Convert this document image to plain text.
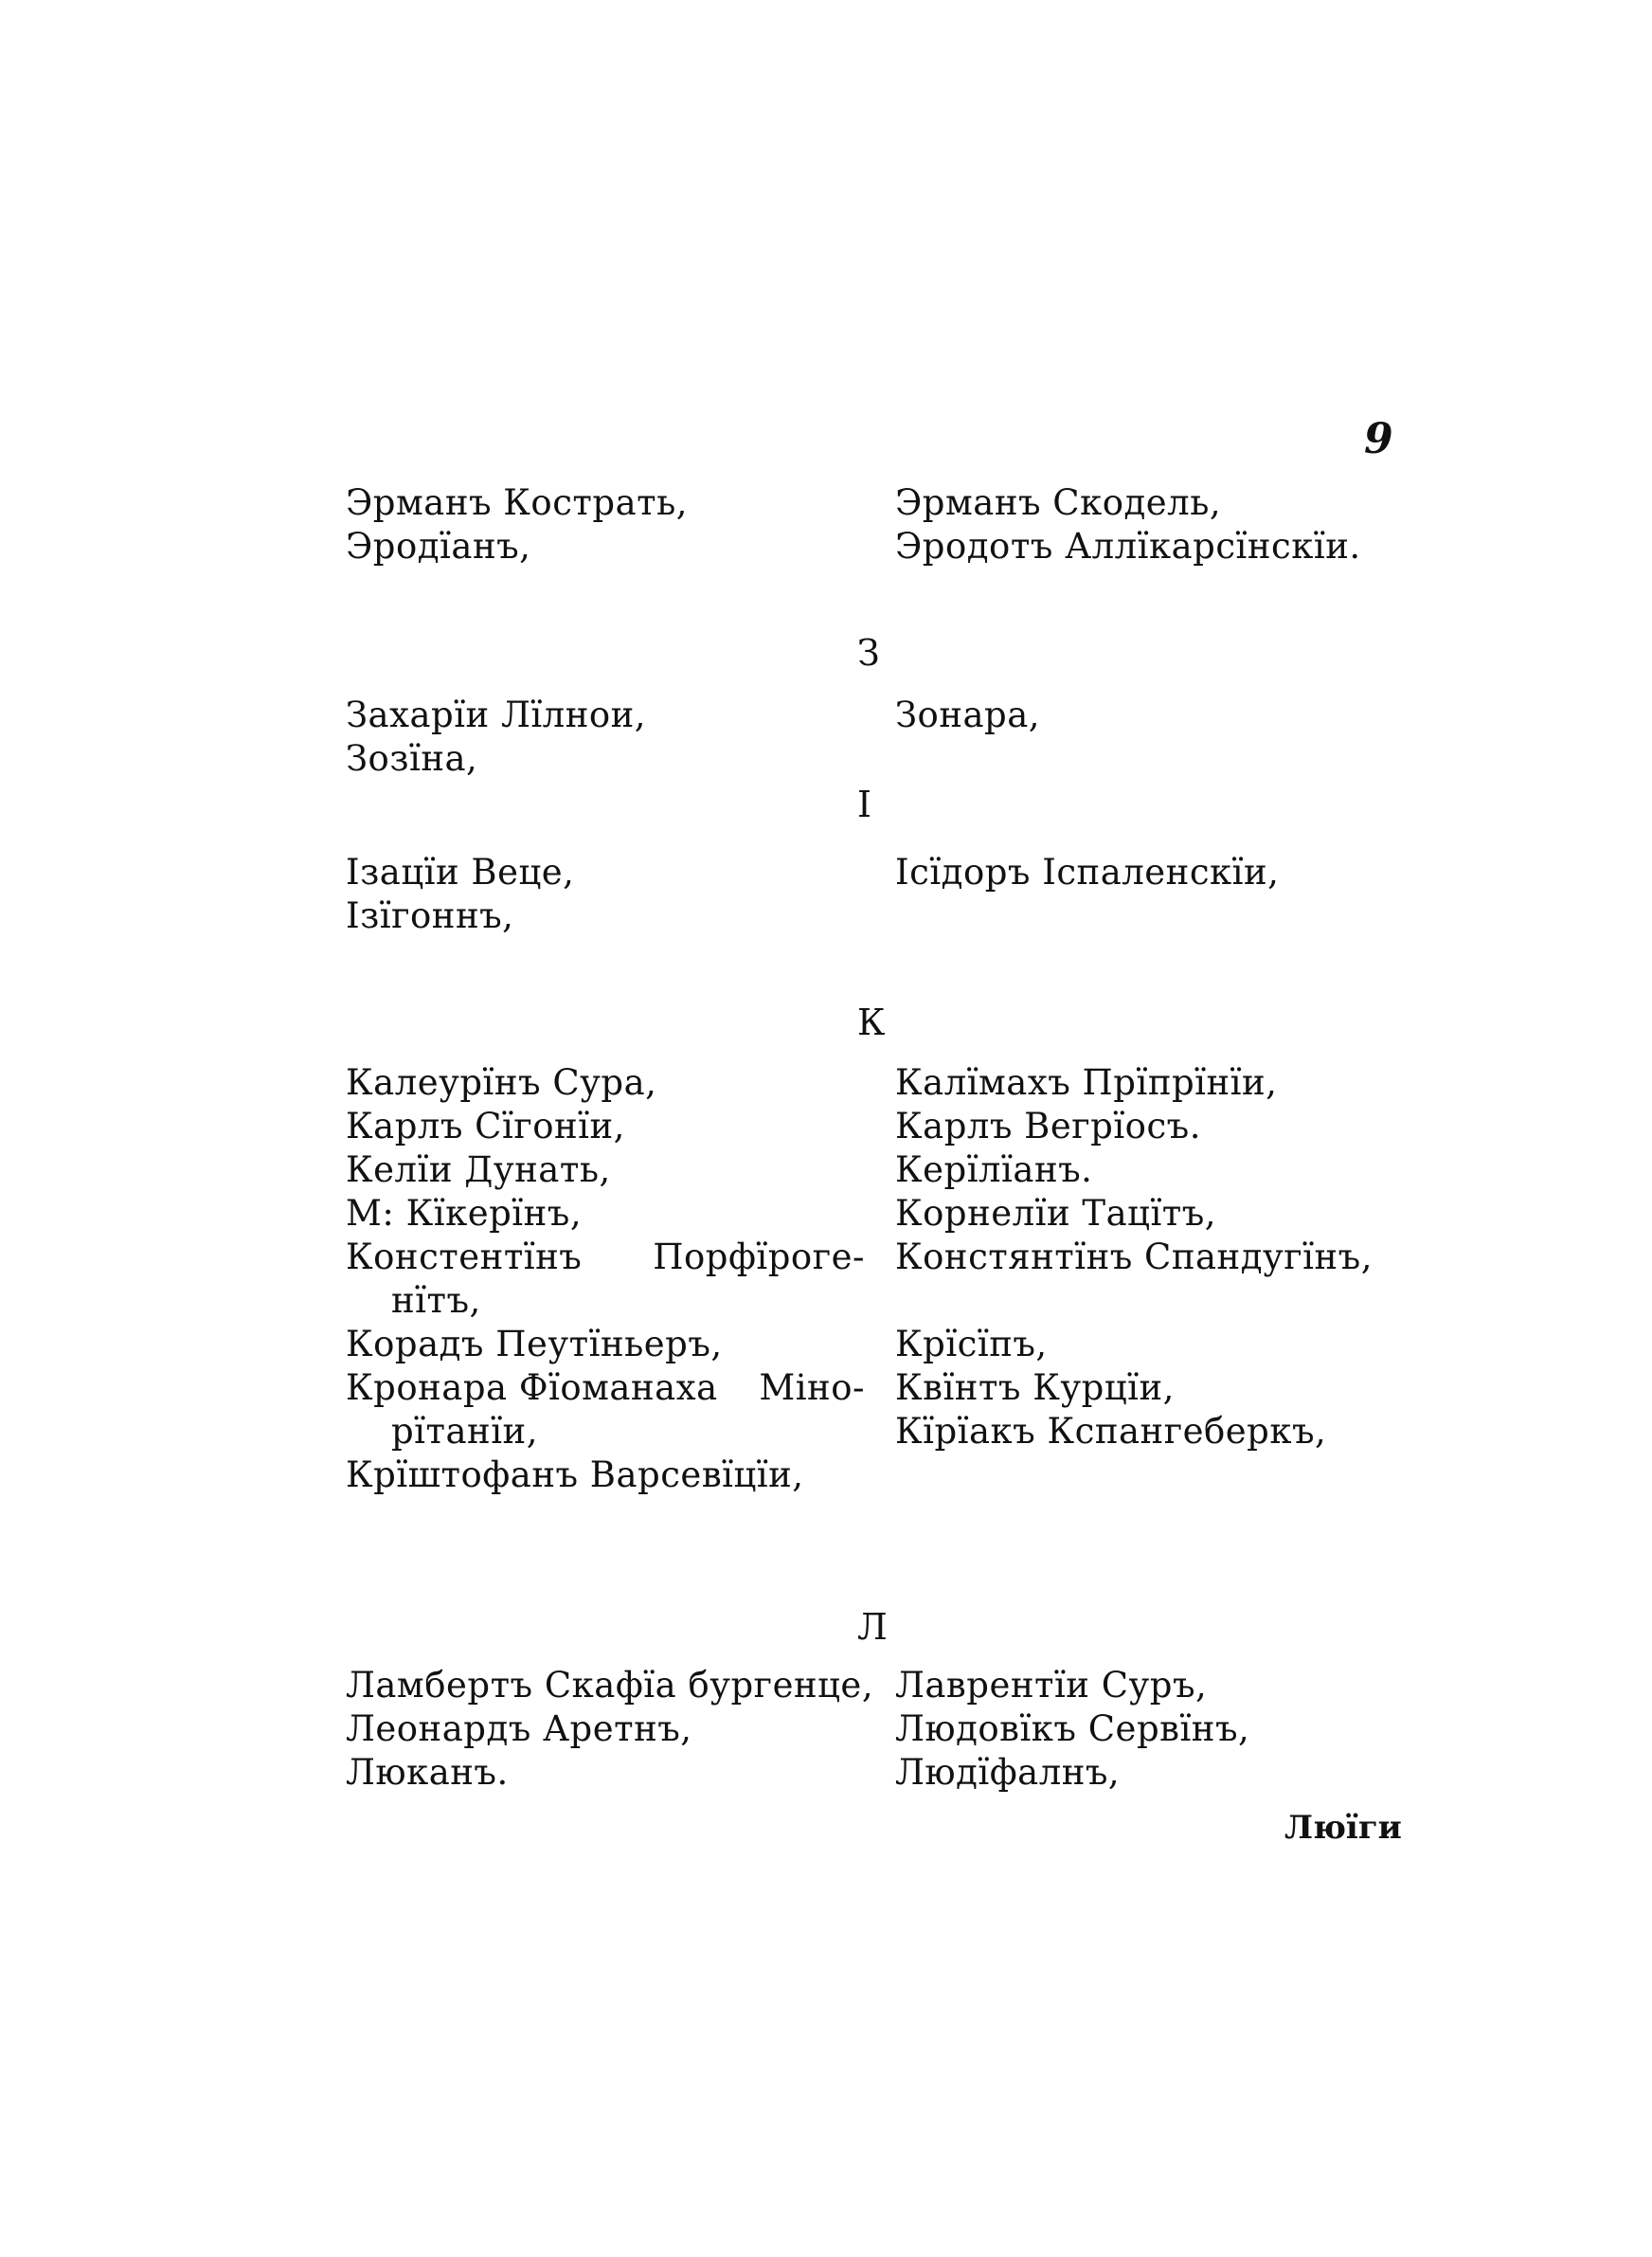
9
Эрманъ Кострать,
Эродїанъ,
Эрманъ Скодель,
Эродотъ Аллїкарсїнскїи.
З
Захарїи Лїлнои,
Зозїна,
Зонара,
І
Ізацїи Веце,
Ізїгоннъ,
Ісїдоръ Іспаленскїи,
К
Калеурїнъ Сура,
Карлъ Сїгонїи,
Келїи Дунать,
М: Кїкерїнъ,
Констентїнъ Порфїроге-
нїтъ,
Корадъ Пеутїньеръ,
Кронара Фїоманаха Міно-
рїтанїи,
Крїштофанъ Варсевїцїи,
Калїмахъ Прїпрїнїи,
Карлъ Вегрїосъ.
Керїлїанъ.
Корнелїи Тацїтъ,
Констянтїнъ Спандугїнъ,

Крїсїпъ,
Квїнтъ Курцїи,
Кїрїакъ Кспангеберкъ,
Л
Ламбертъ Скафїа бургенце,
Леонардъ Аретнъ,
Люканъ.
Лаврентїи Суръ,
Людовїкъ Сервїнъ,
Людїфалнъ,
Люїги
